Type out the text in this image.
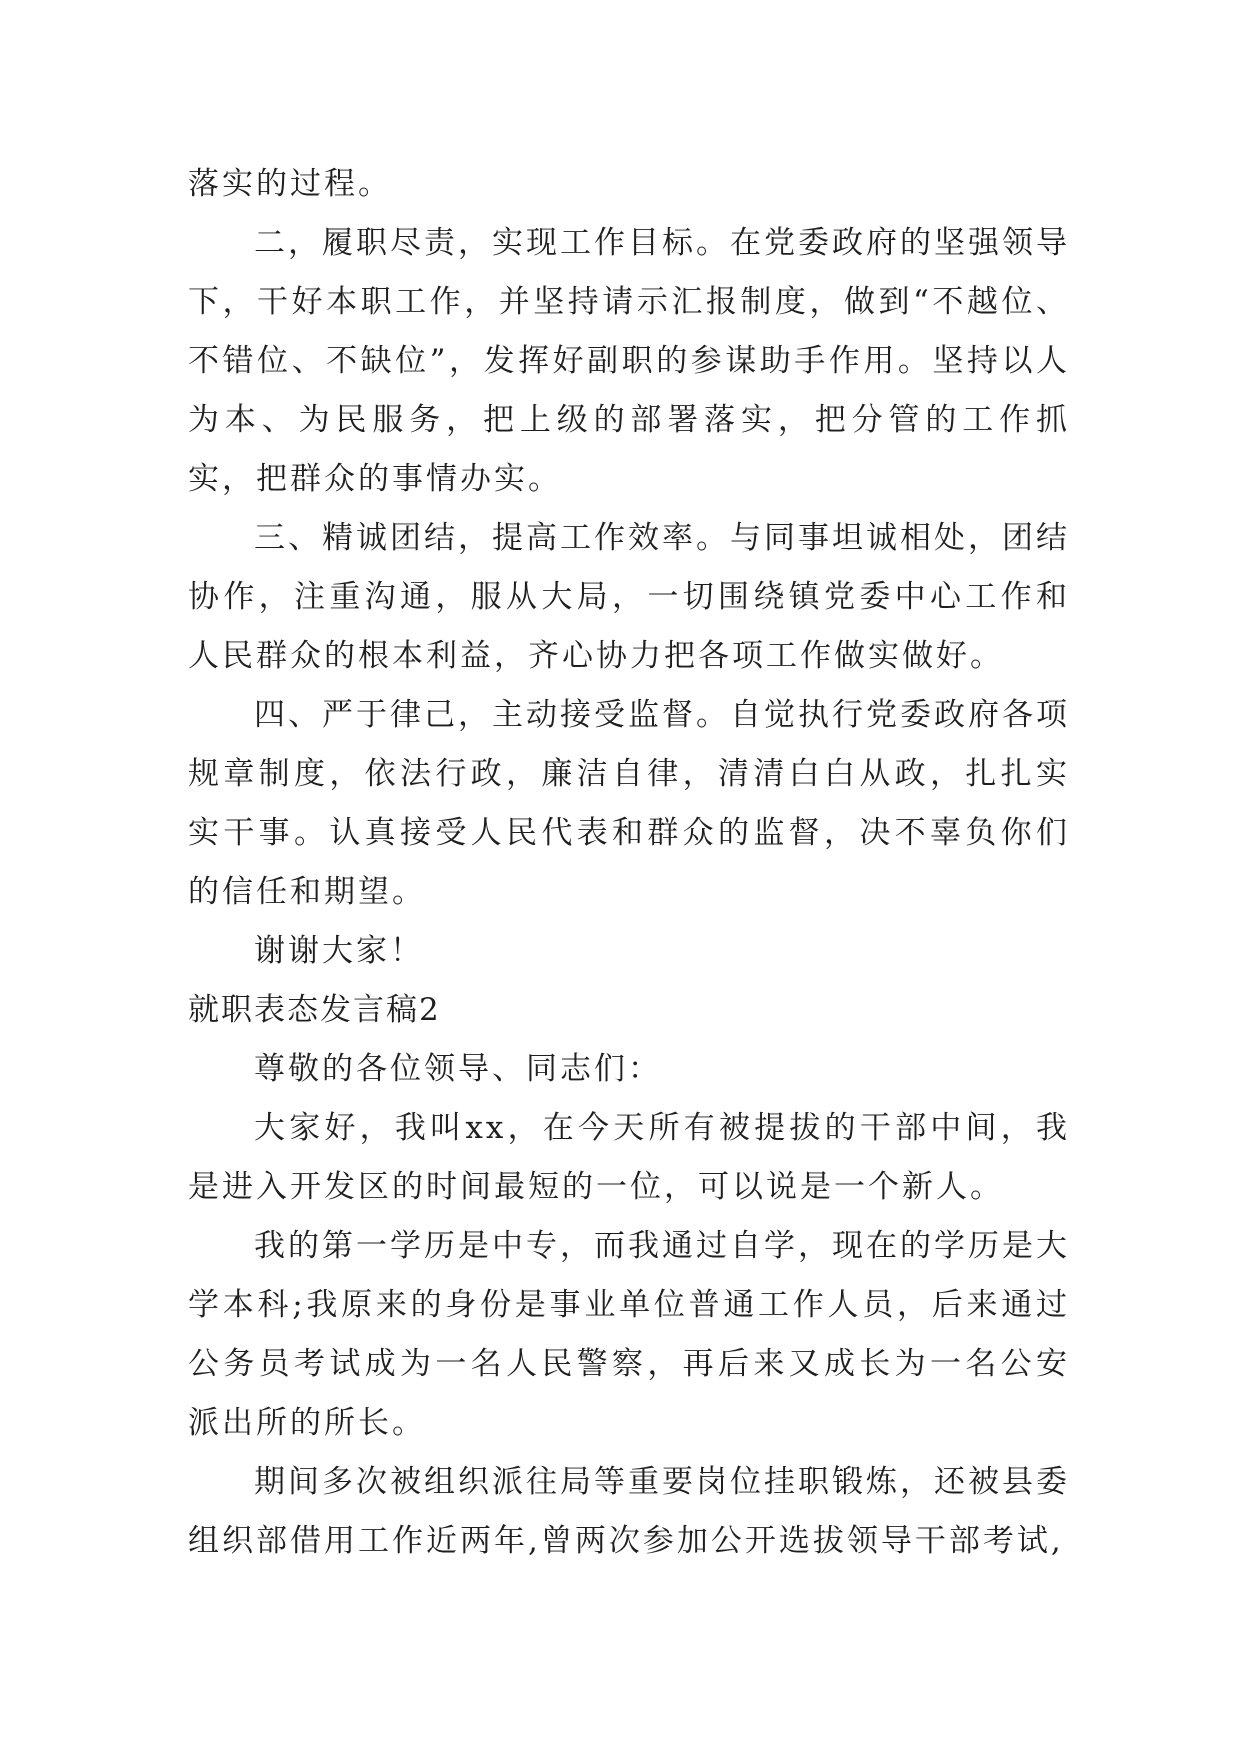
落实的过程。

二，履职尽责，实现工作目标。在党委政府的坚强领导下，干好本职工作，并坚持请示汇报制度，做到“不越位、不错位、不缺位”，发挥好副职的参谋助手作用。坚持以人为本、为民服务，把上级的部署落实，把分管的工作抓实，把群众的事情办实。

三、精诚团结，提高工作效率。与同事坦诚相处，团结协作，注重沟通，服从大局，一切围绕镇党委中心工作和人民群众的根本利益，齐心协力把各项工作做实做好。

四、严于律己，主动接受监督。自觉执行党委政府各项规章制度，依法行政，廉洁自律，清清白白从政，扎扎实实干事。认真接受人民代表和群众的监督，决不辜负你们的信任和期望。

谢谢大家！

就职表态发言稿2

尊敬的各位领导、同志们：

大家好，我叫xx，在今天所有被提拔的干部中间，我是进入开发区的时间最短的一位，可以说是一个新人。

我的第一学历是中专，而我通过自学，现在的学历是大学本科;我原来的身份是事业单位普通工作人员，后来通过公务员考试成为一名人民警察，再后来又成长为一名公安派出所的所长。

期间多次被组织派往局等重要岗位挂职锻炼，还被县委组织部借用工作近两年,曾两次参加公开选拔领导干部考试,
